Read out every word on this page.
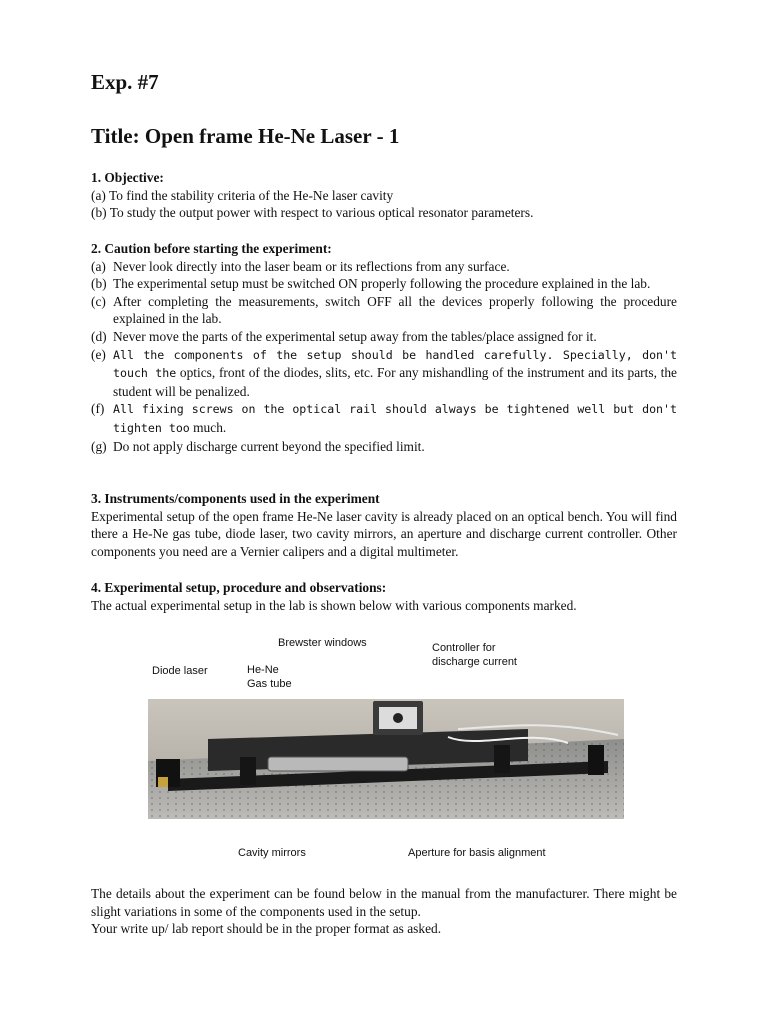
Exp. #7
Title: Open frame He-Ne Laser - 1

1. Objective:

(a) To find the stability criteria of the He-Ne laser cavity

(b) To study the output power with respect to various optical resonator parameters.

2. Caution before starting the experiment:

(a) Never look directly into the laser beam or its reflections from any surface.
(b) The experimental setup must be switched ON properly following the procedure explained in the lab.
(c) After completing the measurements, switch OFF all the devices properly following the procedure explained in the lab.
(d) Never move the parts of the experimental setup away from the tables/place assigned for it.
(e) All the components of the setup should be handled carefully. Specially, don't touch the optics, front of the diodes, slits, etc. For any mishandling of the instrument and its parts, the student will be penalized.
(f) All fixing screws on the optical rail should always be tightened well but don't tighten too much.
(g) Do not apply discharge current beyond the specified limit.

3. Instruments/components used in the experiment

Experimental setup of the open frame He-Ne laser cavity is already placed on an optical bench. You will find there a He-Ne gas tube, diode laser, two cavity mirrors, an aperture and discharge current controller. Other components you need are a Vernier calipers and a digital multimeter.

4. Experimental setup, procedure and observations:

The actual experimental setup in the lab is shown below with various components marked.

Brewster windows	Controller for
discharge current
Diode laser	He-Ne
Gas tube
Cavity mirrors	Aperture for basis alignment

The details about the experiment can be found below in the manual from the manufacturer. There might be slight variations in some of the components used in the setup.

Your write up/ lab report should be in the proper format as asked.
